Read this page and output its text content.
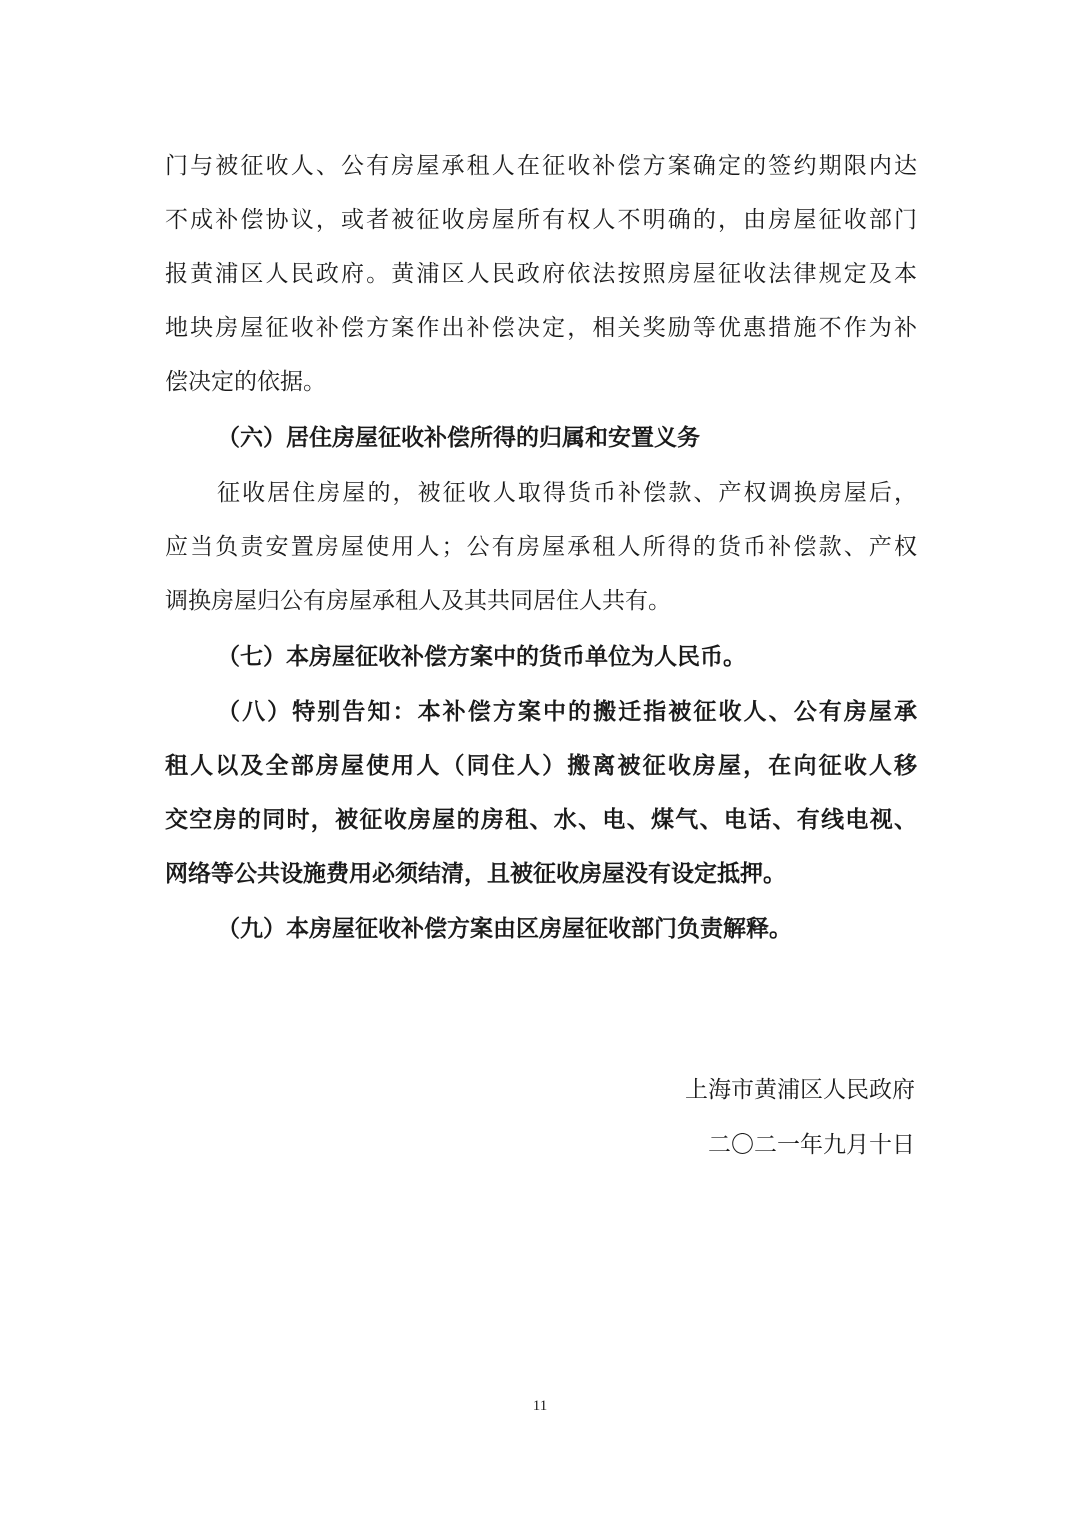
门与被征收人、公有房屋承租人在征收补偿方案确定的签约期限内达
不成补偿协议，或者被征收房屋所有权人不明确的，由房屋征收部门
报黄浦区人民政府。黄浦区人民政府依法按照房屋征收法律规定及本
地块房屋征收补偿方案作出补偿决定，相关奖励等优惠措施不作为补
偿决定的依据。
（六）居住房屋征收补偿所得的归属和安置义务
征收居住房屋的，被征收人取得货币补偿款、产权调换房屋后，
应当负责安置房屋使用人；公有房屋承租人所得的货币补偿款、产权
调换房屋归公有房屋承租人及其共同居住人共有。
（七）本房屋征收补偿方案中的货币单位为人民币。
（八）特别告知：本补偿方案中的搬迁指被征收人、公有房屋承
租人以及全部房屋使用人（同住人）搬离被征收房屋，在向征收人移
交空房的同时，被征收房屋的房租、水、电、煤气、电话、有线电视、
网络等公共设施费用必须结清，且被征收房屋没有设定抵押。
（九）本房屋征收补偿方案由区房屋征收部门负责解释。
上海市黄浦区人民政府
二〇二一年九月十日
11
